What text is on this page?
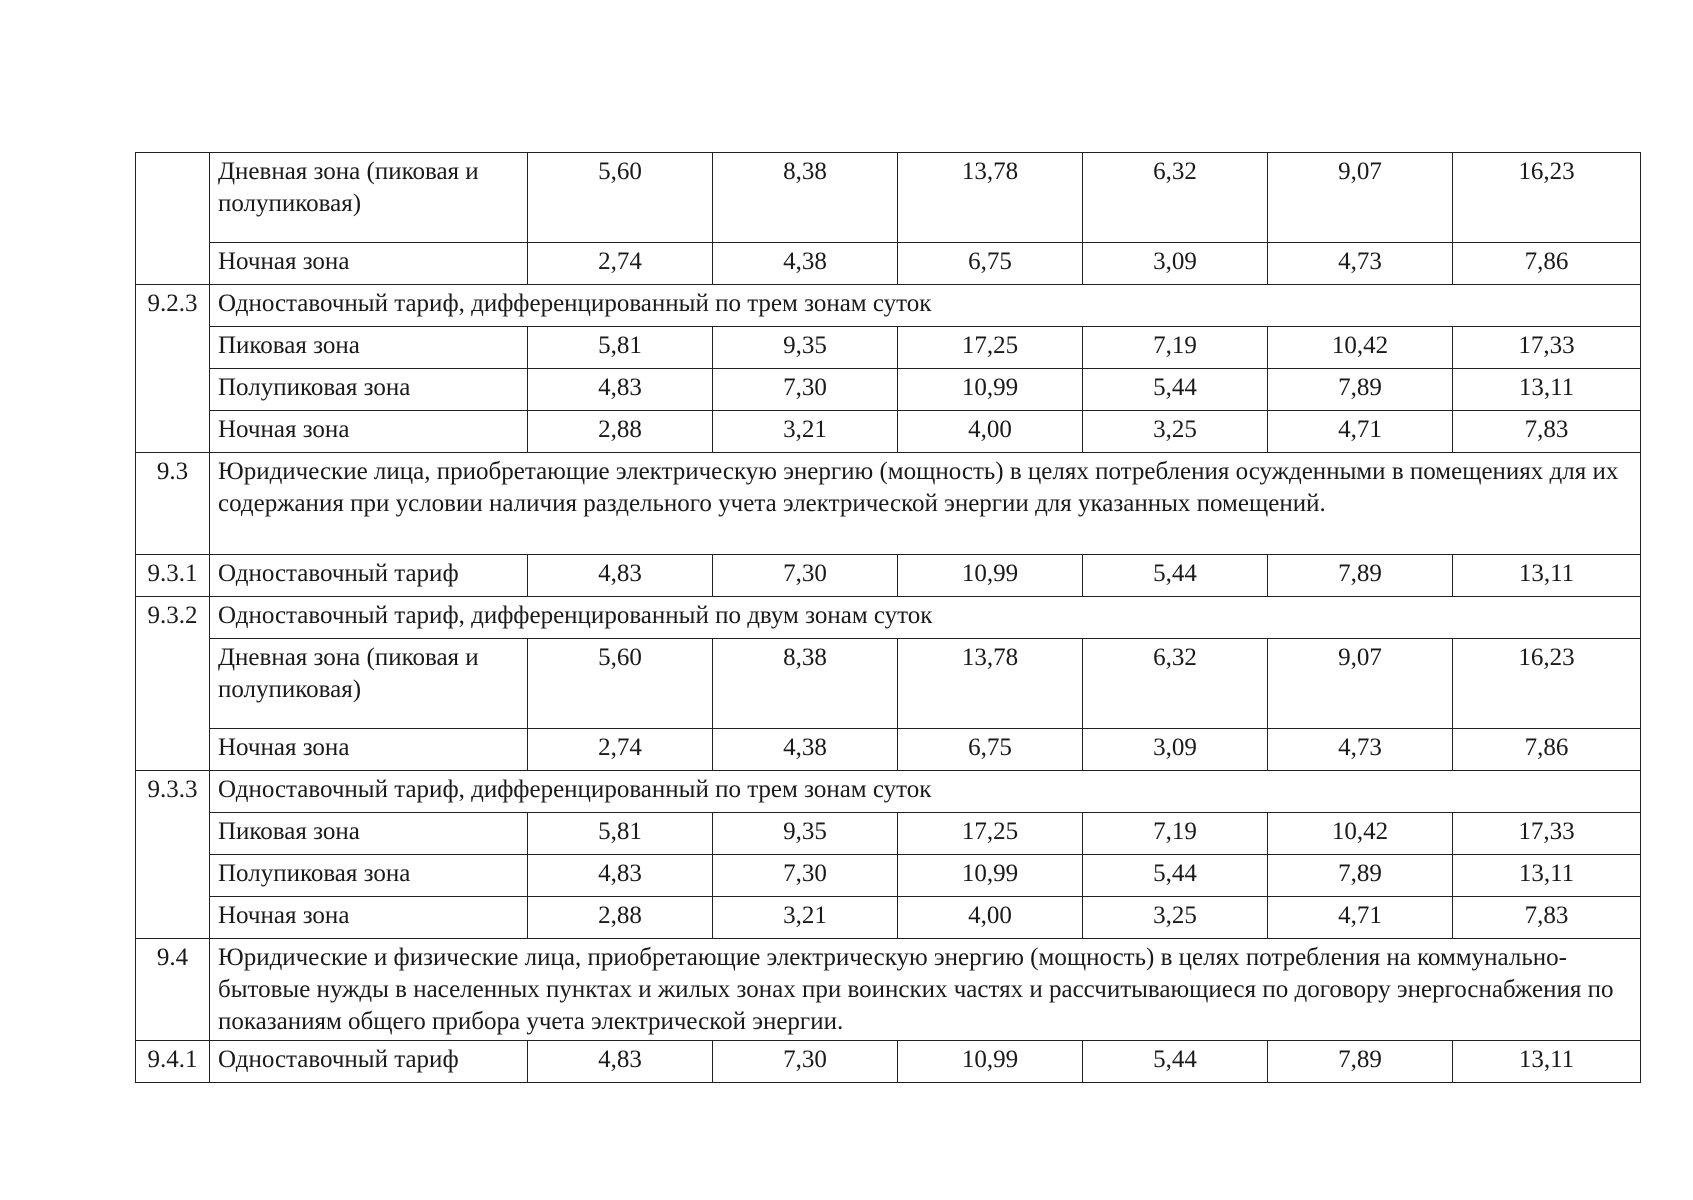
	Дневная зона (пиковая и полупиковая)	5,60	8,38	13,78	6,32	9,07	16,23
	Ночная зона	2,74	4,38	6,75	3,09	4,73	7,86
9.2.3	Одноставочный тариф, дифференцированный по трем зонам суток						
	Пиковая зона	5,81	9,35	17,25	7,19	10,42	17,33
	Полупиковая зона	4,83	7,30	10,99	5,44	7,89	13,11
	Ночная зона	2,88	3,21	4,00	3,25	4,71	7,83
9.3	Юридические лица, приобретающие электрическую энергию (мощность) в целях потребления осужденными в помещениях для их содержания при условии наличия раздельного учета электрической энергии для указанных помещений.						
9.3.1	Одноставочный тариф	4,83	7,30	10,99	5,44	7,89	13,11
9.3.2	Одноставочный тариф, дифференцированный по двум зонам суток						
	Дневная зона (пиковая и полупиковая)	5,60	8,38	13,78	6,32	9,07	16,23
	Ночная зона	2,74	4,38	6,75	3,09	4,73	7,86
9.3.3	Одноставочный тариф, дифференцированный по трем зонам суток						
	Пиковая зона	5,81	9,35	17,25	7,19	10,42	17,33
	Полупиковая зона	4,83	7,30	10,99	5,44	7,89	13,11
	Ночная зона	2,88	3,21	4,00	3,25	4,71	7,83
9.4	Юридические и физические лица, приобретающие электрическую энергию (мощность) в целях потребления на коммунально-бытовые нужды в населенных пунктах и жилых зонах при воинских частях и рассчитывающиеся по договору энергоснабжения по показаниям общего прибора учета электрической энергии.						
9.4.1	Одноставочный тариф	4,83	7,30	10,99	5,44	7,89	13,11
